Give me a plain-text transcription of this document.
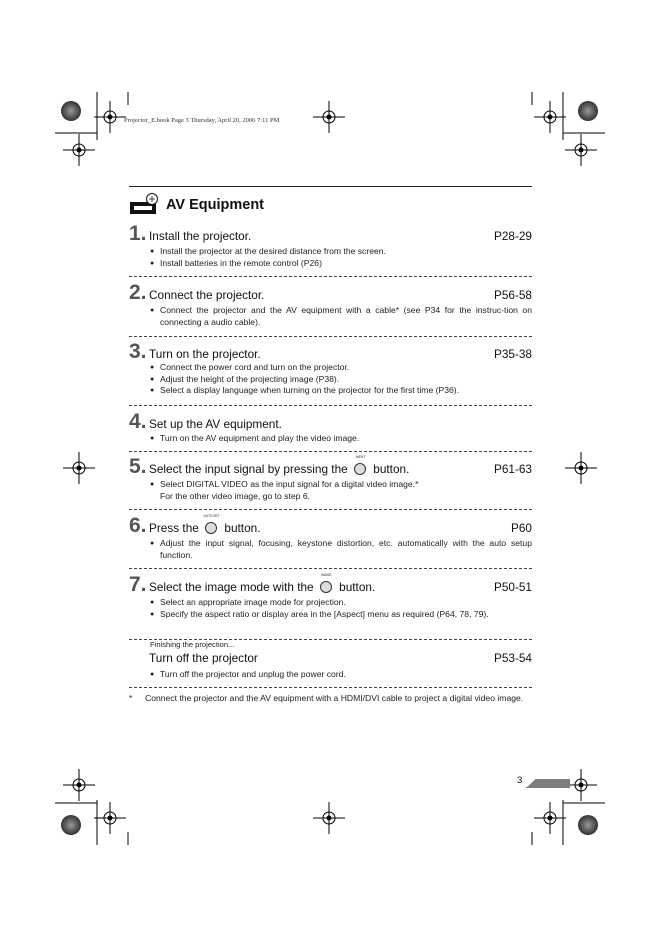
Projector_E.book Page 3 Thursday, April 20, 2006 7:11 PM
AV Equipment
1. Install the projector.	P28-29
● Install the projector at the desired distance from the screen.
● Install batteries in the remote control (P26)
2. Connect the projector.	P56-58
● Connect the projector and the AV equipment with a cable* (see P34 for the instruc-tion on connecting a audio cable).
3. Turn on the projector.	P35-38
● Connect the power cord and turn on the projector.
● Adjust the height of the projecting image (P38).
● Select a display language when turning on the projector for the first time (P36).
4. Set up the AV equipment.
● Turn on the AV equipment and play the video image.
5. Select the input signal by pressing the
INPUT
button.	P61-63
● Select DIGITAL VIDEO as the input signal for a digital video image.*
For the other video image, go to step 6.
6. Press the
AUTO SET
button.	P60
● Adjust the input signal, focusing, keystone distortion, etc. automatically with the auto setup function.
7. Select the image mode with the
IMAGE
button.	P50-51
● Select an appropriate image mode for projection.
● Specify the aspect ratio or display area in the [Aspect] menu as required (P64, 78, 79).
Finishing the projection...
Turn off the projector	P53-54
● Turn off the projector and unplug the power cord.
* Connect the projector and the AV equipment with a HDMI/DVI cable to project a digital video image.
3
